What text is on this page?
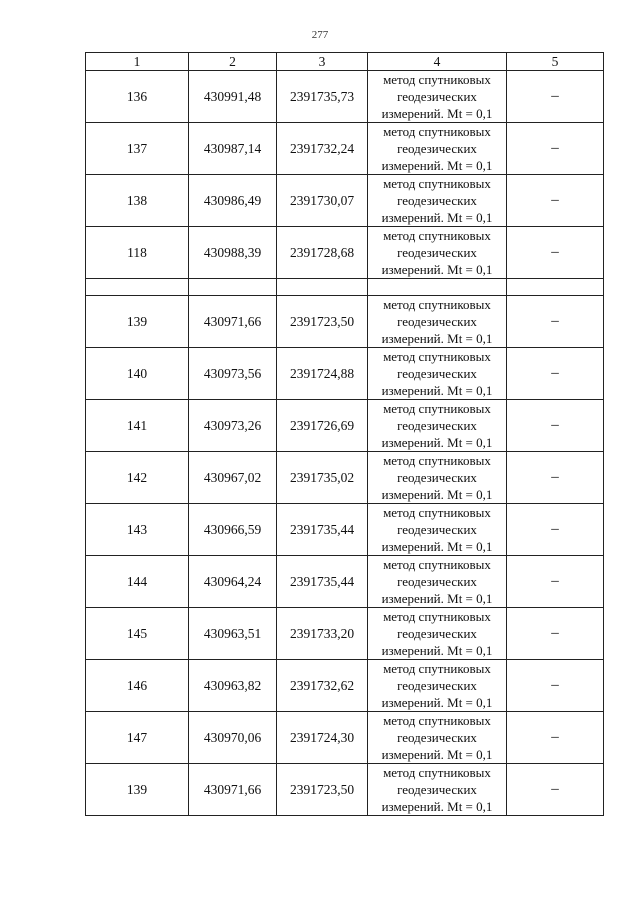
277
1	2	3	4	5
136	430991,48	2391735,73	метод спутниковых геодезических измерений. Mt = 0,1	–
137	430987,14	2391732,24	метод спутниковых геодезических измерений. Mt = 0,1	–
138	430986,49	2391730,07	метод спутниковых геодезических измерений. Mt = 0,1	–
118	430988,39	2391728,68	метод спутниковых геодезических измерений. Mt = 0,1	–

139	430971,66	2391723,50	метод спутниковых геодезических измерений. Mt = 0,1	–
140	430973,56	2391724,88	метод спутниковых геодезических измерений. Mt = 0,1	–
141	430973,26	2391726,69	метод спутниковых геодезических измерений. Mt = 0,1	–
142	430967,02	2391735,02	метод спутниковых геодезических измерений. Mt = 0,1	–
143	430966,59	2391735,44	метод спутниковых геодезических измерений. Mt = 0,1	–
144	430964,24	2391735,44	метод спутниковых геодезических измерений. Mt = 0,1	–
145	430963,51	2391733,20	метод спутниковых геодезических измерений. Mt = 0,1	–
146	430963,82	2391732,62	метод спутниковых геодезических измерений. Mt = 0,1	–
147	430970,06	2391724,30	метод спутниковых геодезических измерений. Mt = 0,1	–
139	430971,66	2391723,50	метод спутниковых геодезических измерений. Mt = 0,1	–
